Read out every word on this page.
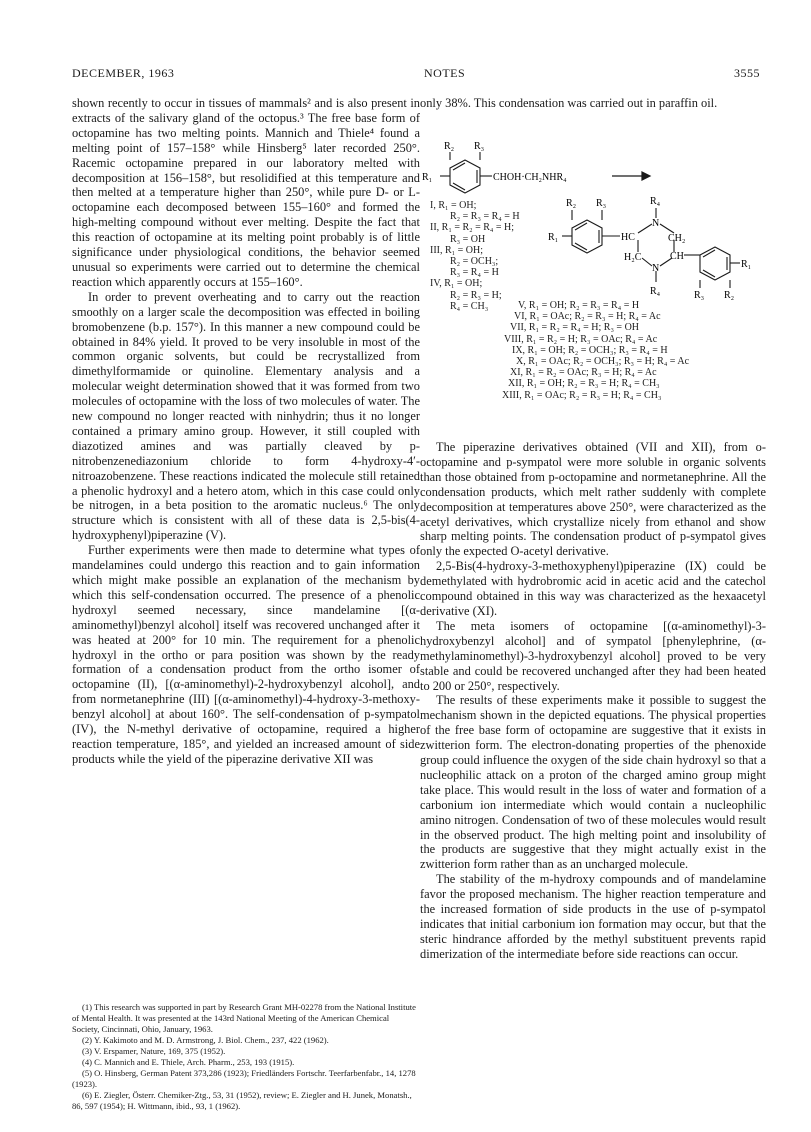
DECEMBER, 1963	NOTES	3555

shown recently to occur in tissues of mammals² and is also present in extracts of the salivary gland of the octopus.³ The free base form of octopamine has two melting points. Mannich and Thiele⁴ found a melting point of 157–158° while Hinsberg⁵ later recorded 250°. Racemic octopamine prepared in our laboratory melted with decomposition at 156–158°, but resolidified at this temperature and then melted at a temperature higher than 250°, while pure D- or L-octopamine each decomposed between 155–160° and formed the high-melting compound without ever melting. Despite the fact that this reaction of octopamine at its melting point probably is of little significance under physiological conditions, the behavior seemed unusual so experiments were carried out to determine the chemical reaction which apparently occurs at 155–160°.

In order to prevent overheating and to carry out the reaction smoothly on a larger scale the decomposition was effected in boiling bromobenzene (b.p. 157°). In this manner a new compound could be obtained in 84% yield. It proved to be very insoluble in most of the common organic solvents, but could be recrystallized from dimethylformamide or quinoline. Elementary analysis and a molecular weight determination showed that it was formed from two molecules of octopamine with the loss of two molecules of water. The new compound no longer reacted with ninhydrin; thus it no longer contained a primary amino group. However, it still coupled with diazotized amines and was partially cleaved by p-nitrobenzenediazonium chloride to form 4-hydroxy-4′-nitroazobenzene. These reactions indicated the molecule still retained a phenolic hydroxyl and a hetero atom, which in this case could only be nitrogen, in a beta position to the aromatic nucleus.⁶ The only structure which is consistent with all of these data is 2,5-bis(4-hydroxyphenyl)piperazine (V).

Further experiments were then made to determine what types of mandelamines could undergo this reaction and to gain information which might make possible an explanation of the mechanism by which this self-condensation occurred. The presence of a phenolic hydroxyl seemed necessary, since mandelamine [(α-aminomethyl)benzyl alcohol] itself was recovered unchanged after it was heated at 200° for 10 min. The requirement for a phenolic hydroxyl in the ortho or para position was shown by the ready formation of a condensation product from the ortho isomer of octopamine (II), [(α-aminomethyl)-2-hydroxybenzyl alcohol], and from normetanephrine (III) [(α-aminomethyl)-4-hydroxy-3-methoxy-benzyl alcohol] at about 160°. The self-condensation of p-sympatol (IV), the N-methyl derivative of octopamine, required a higher reaction temperature, 185°, and yielded an increased amount of side products while the yield of the piperazine derivative XII was

(1) This research was supported in part by Research Grant MH-02278 from the National Institute of Mental Health. It was presented at the 143rd National Meeting of the American Chemical Society, Cincinnati, Ohio, January, 1963.
(2) Y. Kakimoto and M. D. Armstrong, J. Biol. Chem., 237, 422 (1962).
(3) V. Erspamer, Nature, 169, 375 (1952).
(4) C. Mannich and E. Thiele, Arch. Pharm., 253, 193 (1915).
(5) O. Hinsberg, German Patent 373,286 (1923); Friedländers Fortschr. Teerfarbenfabr., 14, 1278 (1923).
(6) E. Ziegler, Österr. Chemiker-Ztg., 53, 31 (1952), review; E. Ziegler and H. Junek, Monatsh., 86, 597 (1954); H. Wittmann, ibid., 93, 1 (1962).

only 38%. This condensation was carried out in paraffin oil.

R₂ R₃
R₁	CHOH·CH₂NHR₄
R₂ R₃
R₁	HC
N
R₄
CH₂
H₂C	CH
N
R₄
R₁
R₃ R₂
I, R₁ = OH;
R₂ = R₃ = R₄ = H
II, R₁ = R₂ = R₄ = H;
R₃ = OH
III, R₁ = OH;
R₂ = OCH₃;
R₃ = R₄ = H
IV, R₁ = OH;
R₂ = R₃ = H;
R₄ = CH₃	V, R₁ = OH; R₂ = R₃ = R₄ = H
VI, R₁ = OAc; R₂ = R₃ = H; R₄ = Ac
VII, R₁ = R₂ = R₄ = H; R₃ = OH
VIII, R₁ = R₂ = H; R₃ = OAc; R₄ = Ac
IX, R₁ = OH; R₂ = OCH₃; R₃ = R₄ = H
X, R₁ = OAc; R₂ = OCH₃; R₃ = H; R₄ = Ac
XI, R₁ = R₂ = OAc; R₃ = H; R₄ = Ac
XII, R₁ = OH; R₂ = R₃ = H; R₄ = CH₃
XIII, R₁ = OAc; R₂ = R₃ = H; R₄ = CH₃

The piperazine derivatives obtained (VII and XII), from o-octopamine and p-sympatol were more soluble in organic solvents than those obtained from p-octopamine and normetanephrine. All the condensation products, which melt rather suddenly with complete decomposition at temperatures above 250°, were characterized as the acetyl derivatives, which crystallize nicely from ethanol and show sharp melting points. The condensation product of p-sympatol gives only the expected O-acetyl derivative.

2,5-Bis(4-hydroxy-3-methoxyphenyl)piperazine (IX) could be demethylated with hydrobromic acid in acetic acid and the catechol compound obtained in this way was characterized as the hexaacetyl derivative (XI).

The meta isomers of octopamine [(α-aminomethyl)-3-hydroxybenzyl alcohol] and of sympatol [phenylephrine, (α-methylaminomethyl)-3-hydroxybenzyl alcohol] proved to be very stable and could be recovered unchanged after they had been heated to 200 or 250°, respectively.

The results of these experiments make it possible to suggest the mechanism shown in the depicted equations. The physical properties of the free base form of octopamine are suggestive that it exists in zwitterion form. The electron-donating properties of the phenoxide group could influence the oxygen of the side chain hydroxyl so that a nucleophilic attack on a proton of the charged amino group might take place. This would result in the loss of water and formation of a carbonium ion intermediate which would contain a nucleophilic amino nitrogen. Condensation of two of these molecules would result in the observed product. The high melting point and insolubility of the products are suggestive that they might actually exist in the zwitterion form rather than as an uncharged molecule.

The stability of the m-hydroxy compounds and of mandelamine favor the proposed mechanism. The higher reaction temperature and the increased formation of side products in the use of p-sympatol indicates that initial carbonium ion formation may occur, but that the steric hindrance afforded by the methyl substituent prevents rapid dimerization of the intermediate before side reactions can occur.
